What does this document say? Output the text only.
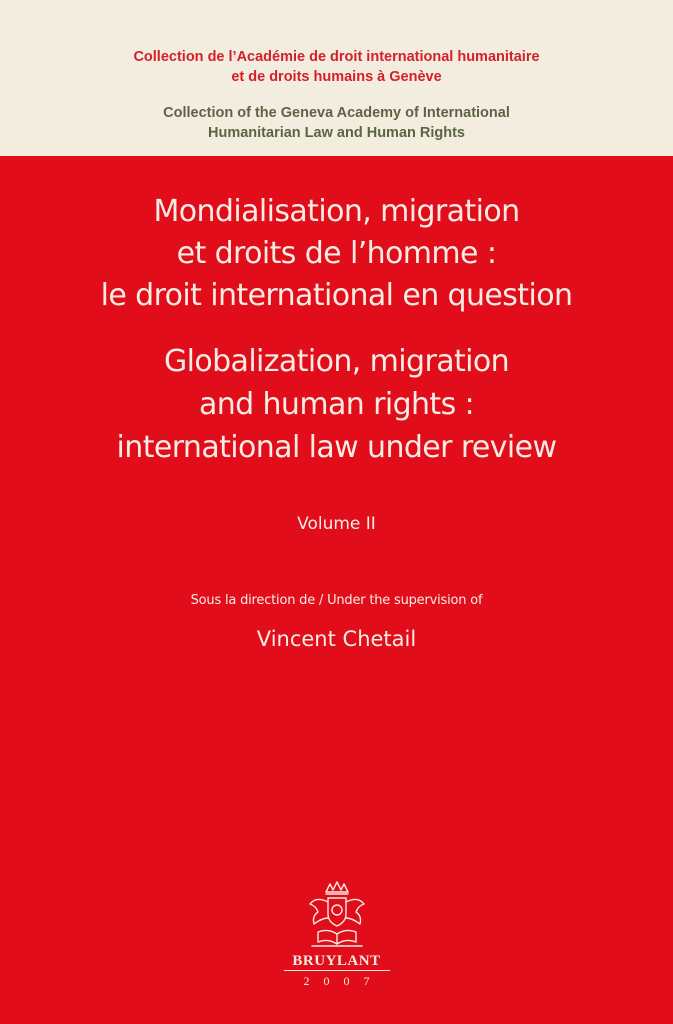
Collection de l’Académie de droit international humanitaire
et de droits humains à Genève
Collection of the Geneva Academy of International
Humanitarian Law and Human Rights
Mondialisation, migration
et droits de l’homme :
le droit international en question
Globalization, migration
and human rights :
international law under review
Volume II
Sous la direction de / Under the supervision of
Vincent Chetail
BRUYLANT
2007
